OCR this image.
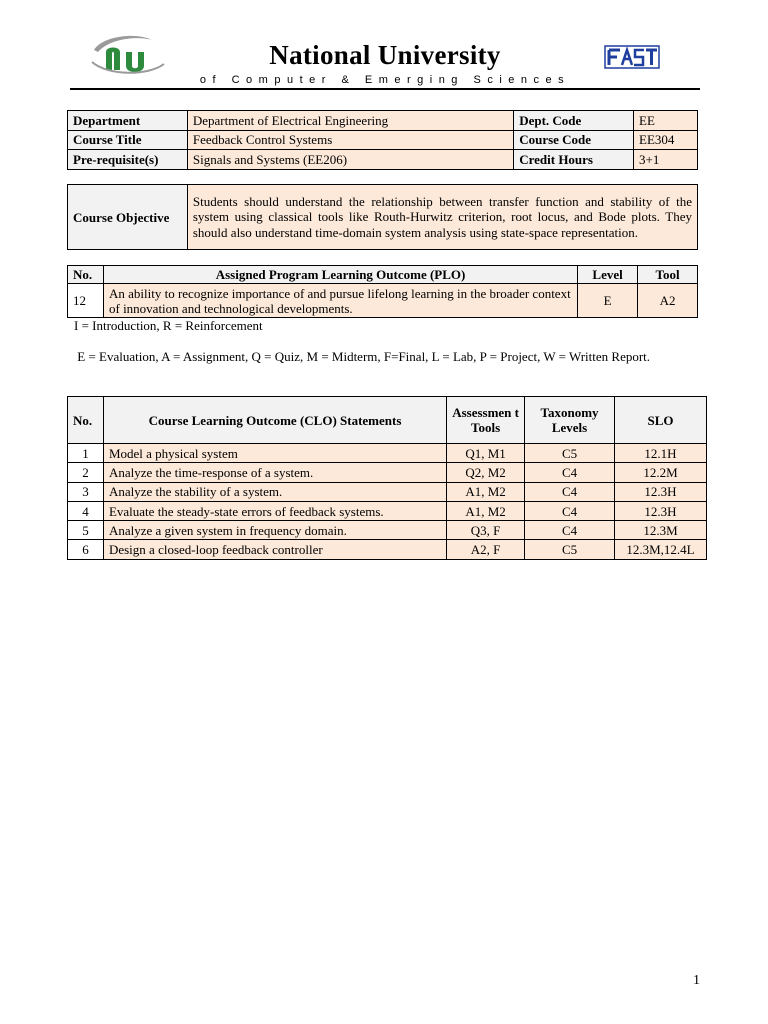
National University
of Computer & Emerging Sciences
Department	Department of Electrical Engineering	Dept. Code	EE
Course Title	Feedback Control Systems	Course Code	EE304
Pre-requisite(s)	Signals and Systems (EE206)	Credit Hours	3+1
Course Objective	Students should understand the relationship between transfer function and stability of the system using classical tools like Routh-Hurwitz criterion, root locus, and Bode plots. They should also understand time-domain system analysis using state-space representation.
No.	Assigned Program Learning Outcome (PLO)	Level	Tool
12	An ability to recognize importance of and pursue lifelong learning in the broader context of innovation and technological developments.	E	A2
I = Introduction, R = Reinforcement
E = Evaluation, A = Assignment, Q = Quiz, M = Midterm, F=Final, L = Lab, P = Project, W = Written Report.
No.	Course Learning Outcome (CLO) Statements	Assessmen t Tools	Taxonomy Levels	SLO
1	Model a physical system	Q1, M1	C5	12.1H
2	Analyze the time-response of a system.	Q2, M2	C4	12.2M
3	Analyze the stability of a system.	A1, M2	C4	12.3H
4	Evaluate the steady-state errors of feedback systems.	A1, M2	C4	12.3H
5	Analyze a given system in frequency domain.	Q3, F	C4	12.3M
6	Design a closed-loop feedback controller	A2, F	C5	12.3M,12.4L
1
